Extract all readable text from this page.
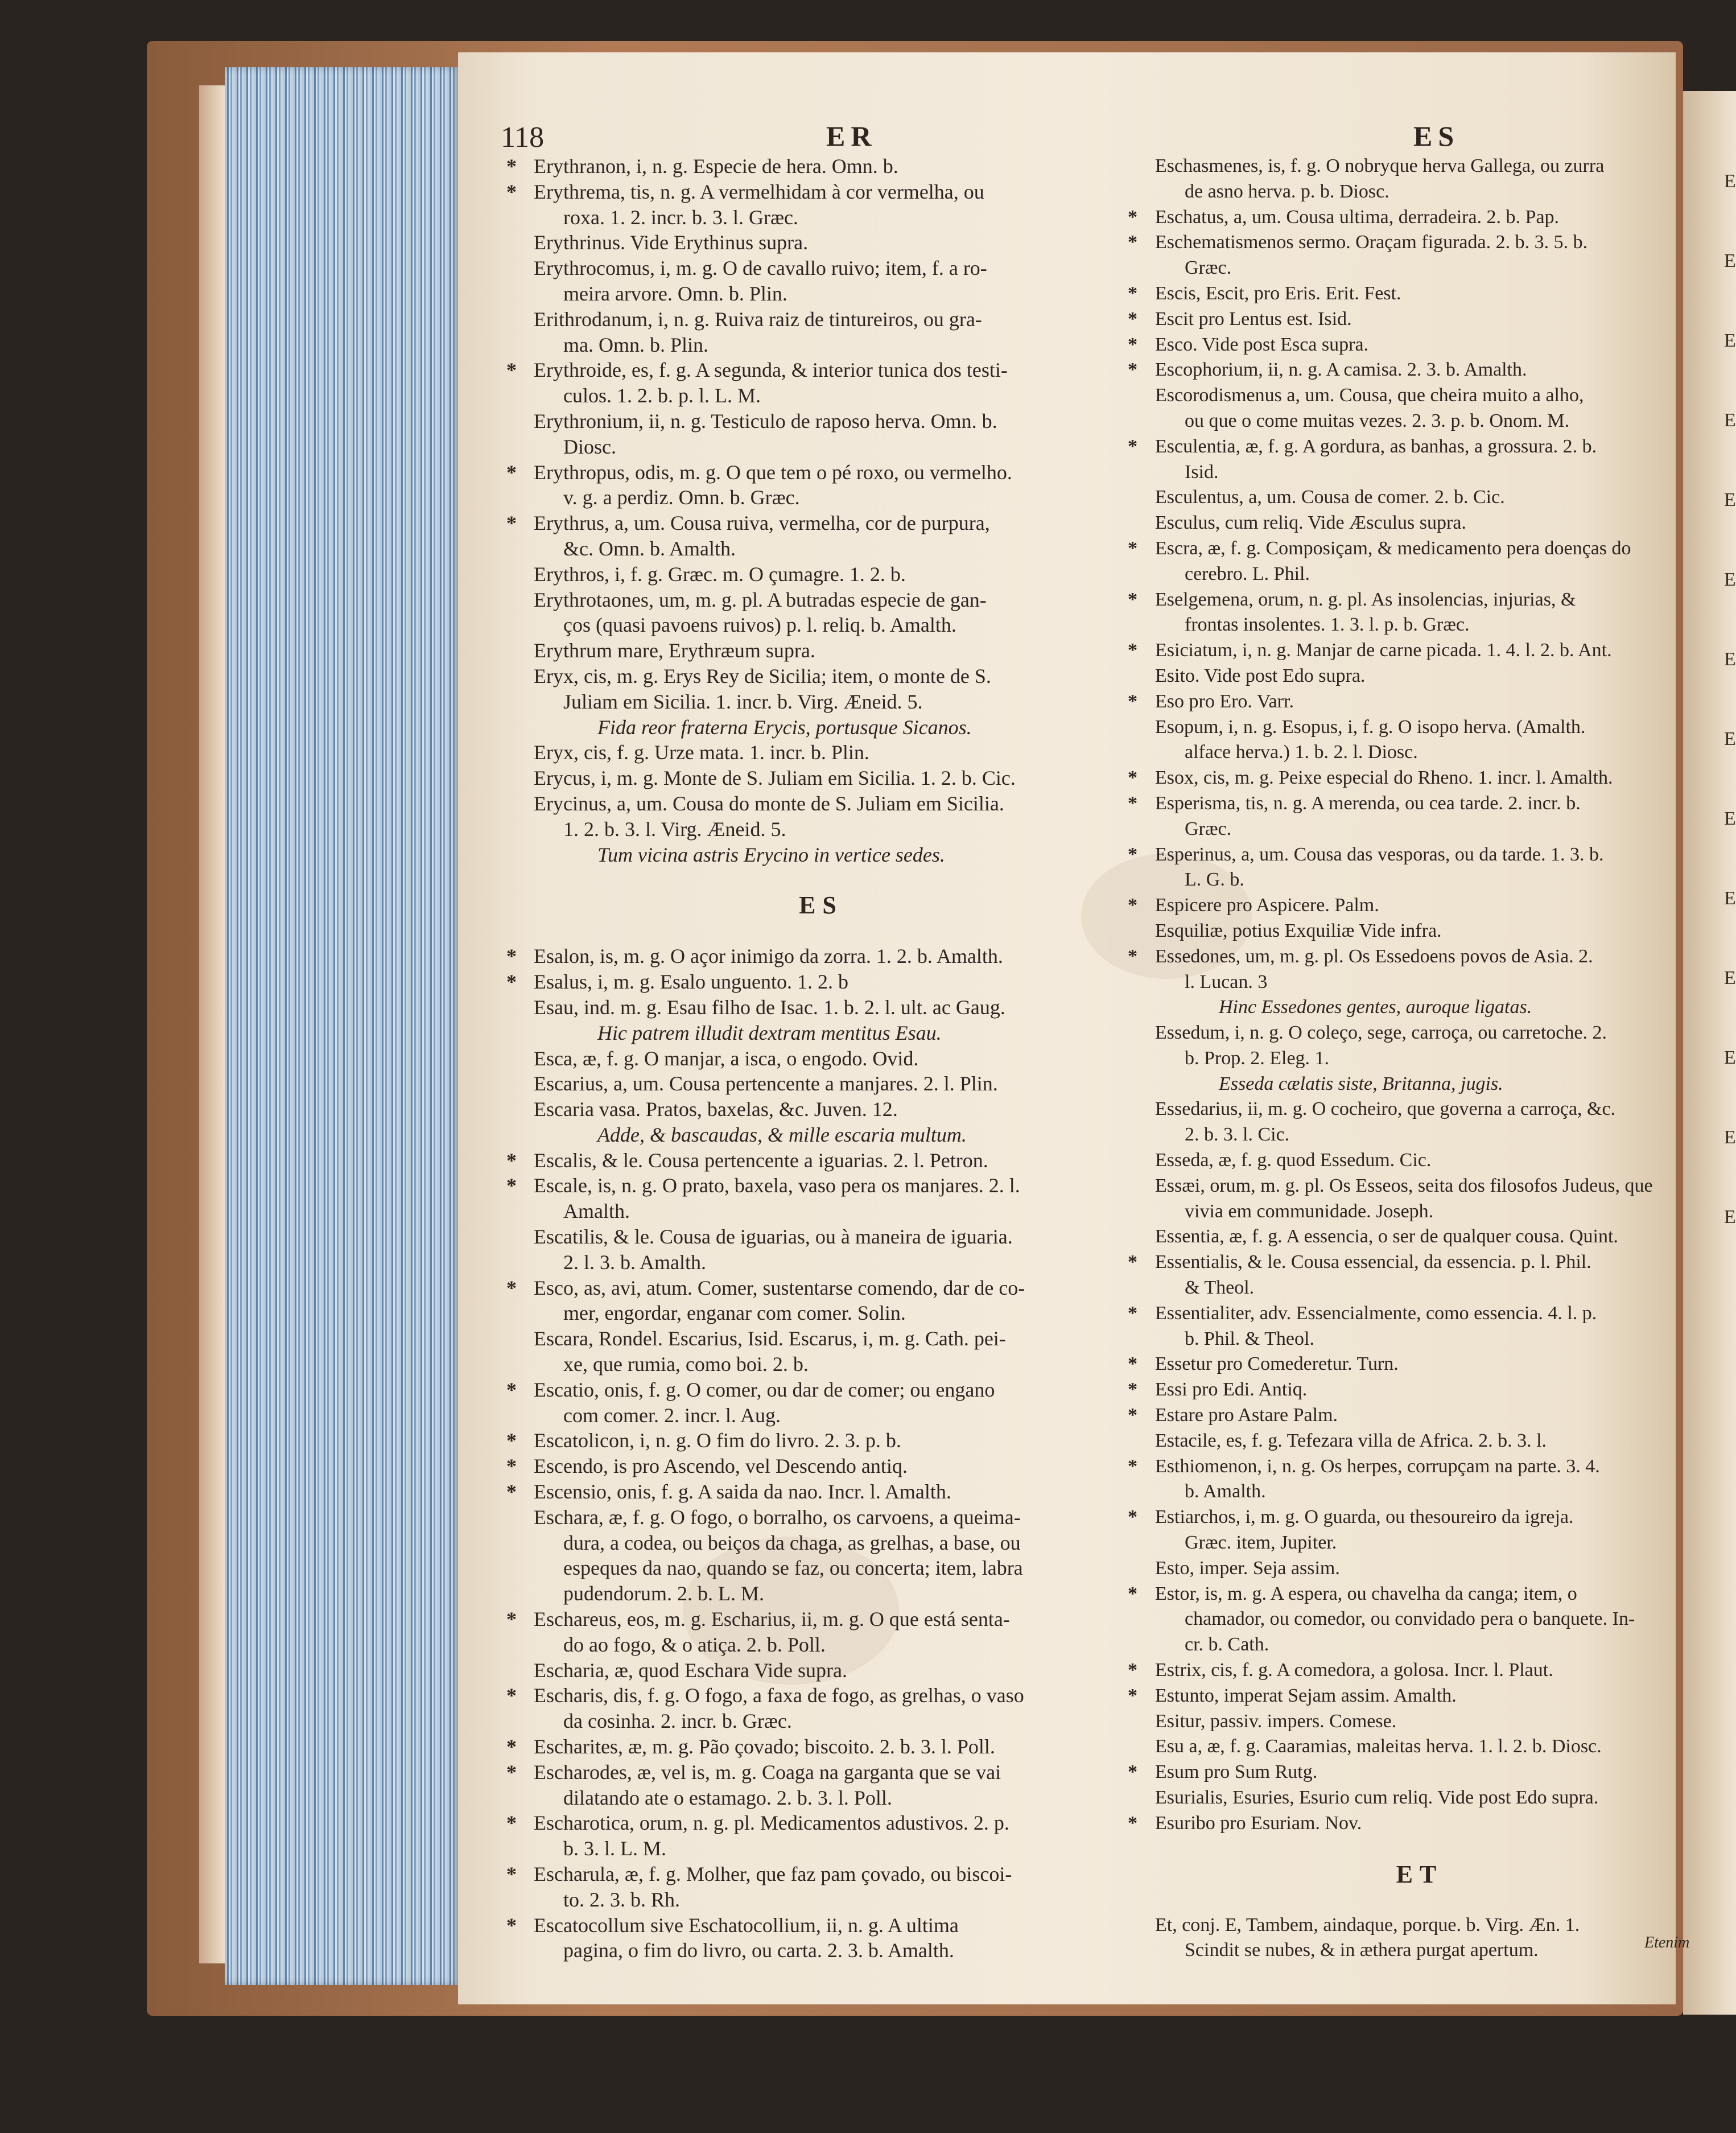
118	ER	ES
* Erythranon, i, n. g. Especie de hera. Omn. b.
* Erythrema, tis, n. g. A vermelhidam à cor vermelha, ou
roxa. 1. 2. incr. b. 3. l. Græc.
Erythrinus. Vide Erythinus supra.
Erythrocomus, i, m. g. O de cavallo ruivo; item, f. a ro-
meira arvore. Omn. b. Plin.
Erithrodanum, i, n. g. Ruiva raiz de tintureiros, ou gra-
ma. Omn. b. Plin.
* Erythroide, es, f. g. A segunda, & interior tunica dos testi-
culos. 1. 2. b. p. l. L. M.
Erythronium, ii, n. g. Testiculo de raposo herva. Omn. b.
Diosc.
* Erythropus, odis, m. g. O que tem o pé roxo, ou vermelho.
v. g. a perdiz. Omn. b. Græc.
* Erythrus, a, um. Cousa ruiva, vermelha, cor de purpura,
&c. Omn. b. Amalth.
Erythros, i, f. g. Græc. m. O çumagre. 1. 2. b.
Erythrotaones, um, m. g. pl. A butradas especie de gan-
ços (quasi pavoens ruivos) p. l. reliq. b. Amalth.
Erythrum mare, Erythræum supra.
Eryx, cis, m. g. Erys Rey de Sicilia; item, o monte de S.
Juliam em Sicilia. 1. incr. b. Virg. Æneid. 5.
Fida reor fraterna Erycis, portusque Sicanos.
Eryx, cis, f. g. Urze mata. 1. incr. b. Plin.
Erycus, i, m. g. Monte de S. Juliam em Sicilia. 1. 2. b. Cic.
Erycinus, a, um. Cousa do monte de S. Juliam em Sicilia.
1. 2. b. 3. l. Virg. Æneid. 5.
Tum vicina astris Erycino in vertice sedes.
ES
* Esalon, is, m. g. O açor inimigo da zorra. 1. 2. b. Amalth.
* Esalus, i, m. g. Esalo unguento. 1. 2. b
Esau, ind. m. g. Esau filho de Isac. 1. b. 2. l. ult. ac Gaug.
Hic patrem illudit dextram mentitus Esau.
Esca, æ, f. g. O manjar, a isca, o engodo. Ovid.
Escarius, a, um. Cousa pertencente a manjares. 2. l. Plin.
Escaria vasa. Pratos, baxelas, &c. Juven. 12.
Adde, & bascaudas, & mille escaria multum.
* Escalis, & le. Cousa pertencente a iguarias. 2. l. Petron.
* Escale, is, n. g. O prato, baxela, vaso pera os manjares. 2. l.
Amalth.
Escatilis, & le. Cousa de iguarias, ou à maneira de iguaria.
2. l. 3. b. Amalth.
* Esco, as, avi, atum. Comer, sustentarse comendo, dar de co-
mer, engordar, enganar com comer. Solin.
Escara, Rondel. Escarius, Isid. Escarus, i, m. g. Cath. pei-
xe, que rumia, como boi. 2. b.
* Escatio, onis, f. g. O comer, ou dar de comer; ou engano
com comer. 2. incr. l. Aug.
* Escatolicon, i, n. g. O fim do livro. 2. 3. p. b.
* Escendo, is pro Ascendo, vel Descendo antiq.
* Escensio, onis, f. g. A saida da nao. Incr. l. Amalth.
Eschara, æ, f. g. O fogo, o borralho, os carvoens, a queima-
dura, a codea, ou beiços da chaga, as grelhas, a base, ou
espeques da nao, quando se faz, ou concerta; item, labra
pudendorum. 2. b. L. M.
* Eschareus, eos, m. g. Escharius, ii, m. g. O que está senta-
do ao fogo, & o atiça. 2. b. Poll.
Escharia, æ, quod Eschara Vide supra.
* Escharis, dis, f. g. O fogo, a faxa de fogo, as grelhas, o vaso
da cosinha. 2. incr. b. Græc.
* Escharites, æ, m. g. Pão çovado; biscoito. 2. b. 3. l. Poll.
* Escharodes, æ, vel is, m. g. Coaga na garganta que se vai
dilatando ate o estamago. 2. b. 3. l. Poll.
* Escharotica, orum, n. g. pl. Medicamentos adustivos. 2. p.
b. 3. l. L. M.
* Escharula, æ, f. g. Molher, que faz pam çovado, ou biscoi-
to. 2. 3. b. Rh.
* Escatocollum sive Eschatocollium, ii, n. g. A ultima
pagina, o fim do livro, ou carta. 2. 3. b. Amalth.
Eschasmenes, is, f. g. O nobryque herva Gallega, ou zurra
de asno herva. p. b. Diosc.
* Eschatus, a, um. Cousa ultima, derradeira. 2. b. Pap.
* Eschematismenos sermo. Oraçam figurada. 2. b. 3. 5. b.
Græc.
* Escis, Escit, pro Eris. Erit. Fest.
* Escit pro Lentus est. Isid.
* Esco. Vide post Esca supra.
* Escophorium, ii, n. g. A camisa. 2. 3. b. Amalth.
Escorodismenus a, um. Cousa, que cheira muito a alho,
ou que o come muitas vezes. 2. 3. p. b. Onom. M.
* Esculentia, æ, f. g. A gordura, as banhas, a grossura. 2. b.
Isid.
Esculentus, a, um. Cousa de comer. 2. b. Cic.
Esculus, cum reliq. Vide Æsculus supra.
* Escra, æ, f. g. Composiçam, & medicamento pera doenças do
cerebro. L. Phil.
* Eselgemena, orum, n. g. pl. As insolencias, injurias, &
frontas insolentes. 1. 3. l. p. b. Græc.
* Esiciatum, i, n. g. Manjar de carne picada. 1. 4. l. 2. b. Ant.
Esito. Vide post Edo supra.
* Eso pro Ero. Varr.
Esopum, i, n. g. Esopus, i, f. g. O isopo herva. (Amalth.
alface herva.) 1. b. 2. l. Diosc.
* Esox, cis, m. g. Peixe especial do Rheno. 1. incr. l. Amalth.
* Esperisma, tis, n. g. A merenda, ou cea tarde. 2. incr. b.
Græc.
* Esperinus, a, um. Cousa das vesporas, ou da tarde. 1. 3. b.
L. G. b.
* Espicere pro Aspicere. Palm.
Esquiliæ, potius Exquiliæ Vide infra.
* Essedones, um, m. g. pl. Os Essedoens povos de Asia. 2.
l. Lucan. 3
Hinc Essedones gentes, auroque ligatas.
Essedum, i, n. g. O coleço, sege, carroça, ou carretoche. 2.
b. Prop. 2. Eleg. 1.
Esseda cælatis siste, Britanna, jugis.
Essedarius, ii, m. g. O cocheiro, que governa a carroça, &c.
2. b. 3. l. Cic.
Esseda, æ, f. g. quod Essedum. Cic.
Essæi, orum, m. g. pl. Os Esseos, seita dos filosofos Judeus, que
vivia em communidade. Joseph.
Essentia, æ, f. g. A essencia, o ser de qualquer cousa. Quint.
* Essentialis, & le. Cousa essencial, da essencia. p. l. Phil.
& Theol.
* Essentialiter, adv. Essencialmente, como essencia. 4. l. p.
b. Phil. & Theol.
* Essetur pro Comederetur. Turn.
* Essi pro Edi. Antiq.
* Estare pro Astare Palm.
Estacile, es, f. g. Tefezara villa de Africa. 2. b. 3. l.
* Esthiomenon, i, n. g. Os herpes, corrupçam na parte. 3. 4.
b. Amalth.
* Estiarchos, i, m. g. O guarda, ou thesoureiro da igreja.
Græc. item, Jupiter.
Esto, imper. Seja assim.
* Estor, is, m. g. A espera, ou chavelha da canga; item, o
chamador, ou comedor, ou convidado pera o banquete. In-
cr. b. Cath.
* Estrix, cis, f. g. A comedora, a golosa. Incr. l. Plaut.
* Estunto, imperat Sejam assim. Amalth.
Esitur, passiv. impers. Comese.
Esu a, æ, f. g. Caaramias, maleitas herva. 1. l. 2. b. Diosc.
* Esum pro Sum Rutg.
Esurialis, Esuries, Esurio cum reliq. Vide post Edo supra.
* Esuribo pro Esuriam. Nov.
ET
Et, conj. E, Tambem, aindaque, porque. b. Virg. Æn. 1.
Scindit se nubes, & in æthera purgat apertum.
E
E
E
E
E
E
E
E
E
E
E
E
E
E
Etenim
